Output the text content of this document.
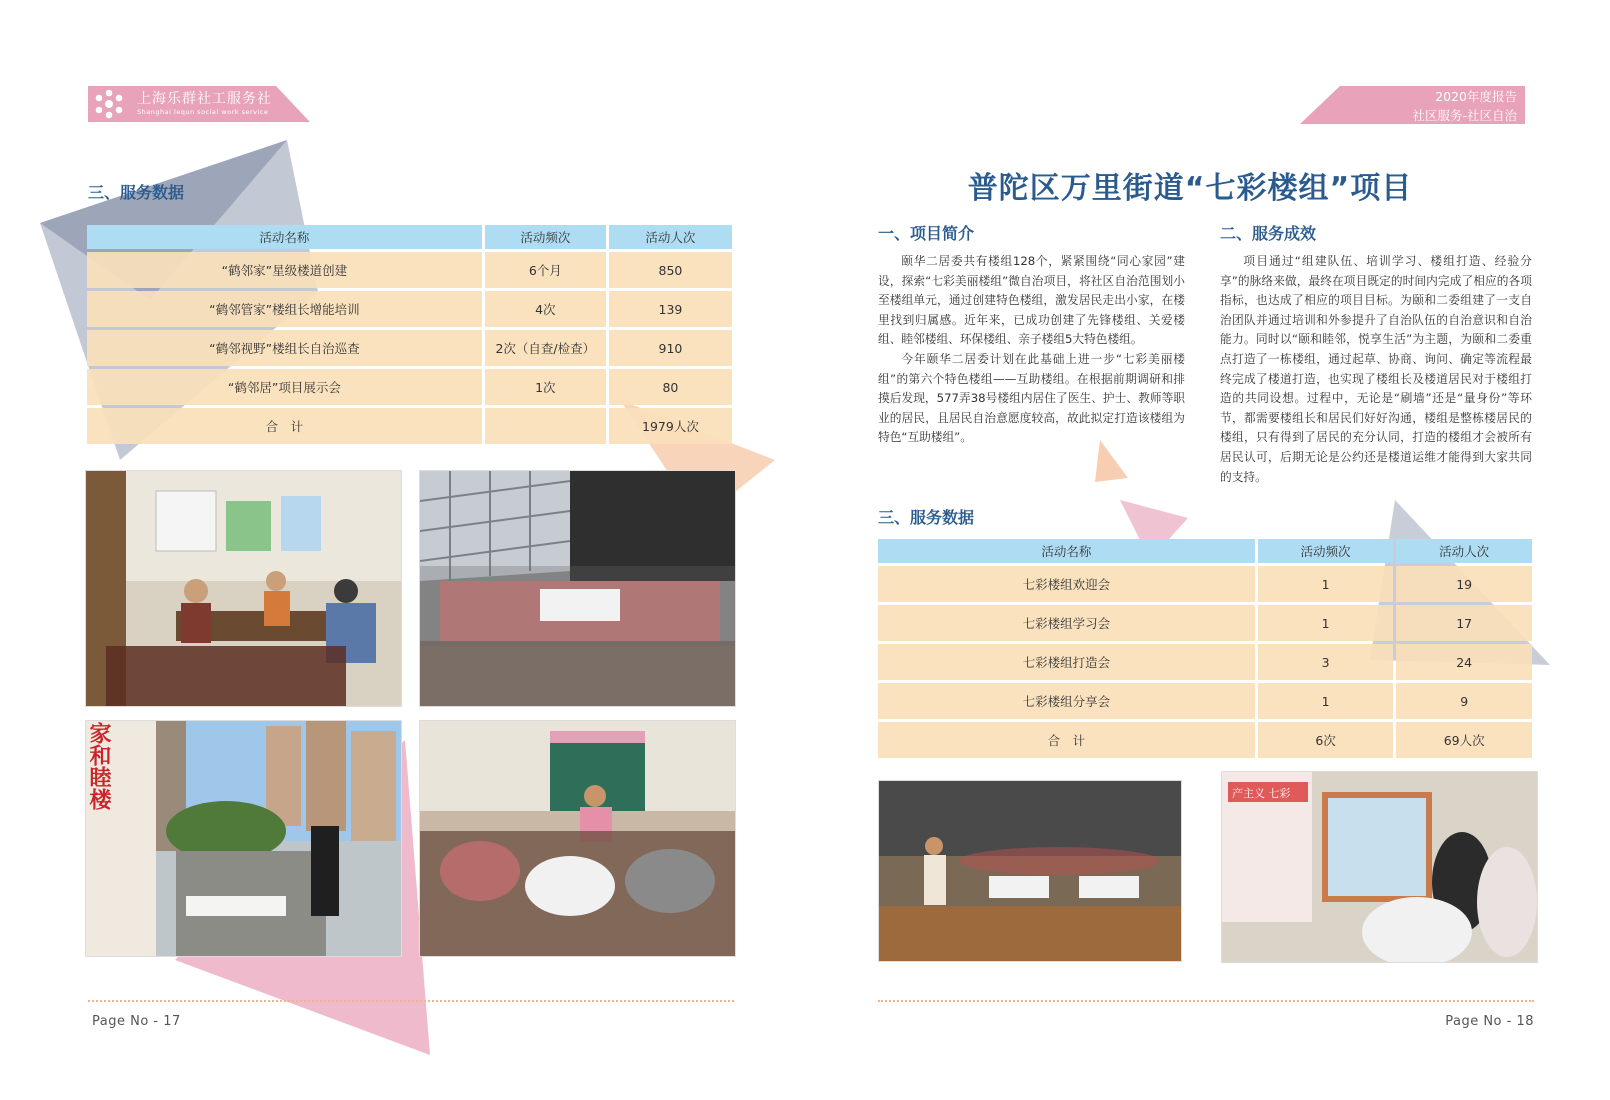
上海乐群社工服务社
Shanghai lequn social work service
2020年度报告
社区服务-社区自治
三、服务数据
活动名称	活动频次	活动人次
“鹤邻家”星级楼道创建	6个月	850
“鹤邻管家”楼组长增能培训	4次	139
“鹤邻视野”楼组长自治巡查	2次（自查/检查）	910
“鹤邻居”项目展示会	1次	80
合　计		1979人次
Page No - 17
普陀区万里街道“七彩楼组”项目
一、项目简介

颐华二居委共有楼组128个，紧紧围绕“同心家园”建设，探索“七彩美丽楼组”微自治项目，将社区自治范围划小至楼组单元，通过创建特色楼组，激发居民走出小家，在楼里找到归属感。近年来，已成功创建了先锋楼组、关爱楼组、睦邻楼组、环保楼组、亲子楼组5大特色楼组。

今年颐华二居委计划在此基础上进一步“七彩美丽楼组”的第六个特色楼组——互助楼组。在根据前期调研和排摸后发现，577弄38号楼组内居住了医生、护士、教师等职业的居民，且居民自治意愿度较高，故此拟定打造该楼组为特色“互助楼组”。

二、服务成效

项目通过“组建队伍、培训学习、楼组打造、经验分享”的脉络来做，最终在项目既定的时间内完成了相应的各项指标，也达成了相应的项目目标。为颐和二委组建了一支自治团队并通过培训和外参提升了自治队伍的自治意识和自治能力。同时以“颐和睦邻，悦享生活”为主题，为颐和二委重点打造了一栋楼组，通过起草、协商、询问、确定等流程最终完成了楼道打造，也实现了楼组长及楼道居民对于楼组打造的共同设想。过程中，无论是“刷墙”还是“量身份”等环节，都需要楼组长和居民们好好沟通，楼组是整栋楼居民的楼组，只有得到了居民的充分认同，打造的楼组才会被所有居民认可，后期无论是公约还是楼道运维才能得到大家共同的支持。

三、服务数据
活动名称	活动频次	活动人次
七彩楼组欢迎会	1	19
七彩楼组学习会	1	17
七彩楼组打造会	3	24
七彩楼组分享会	1	9
合　计	6次	69人次
产主义 七彩
Page No - 18
家和睦楼
